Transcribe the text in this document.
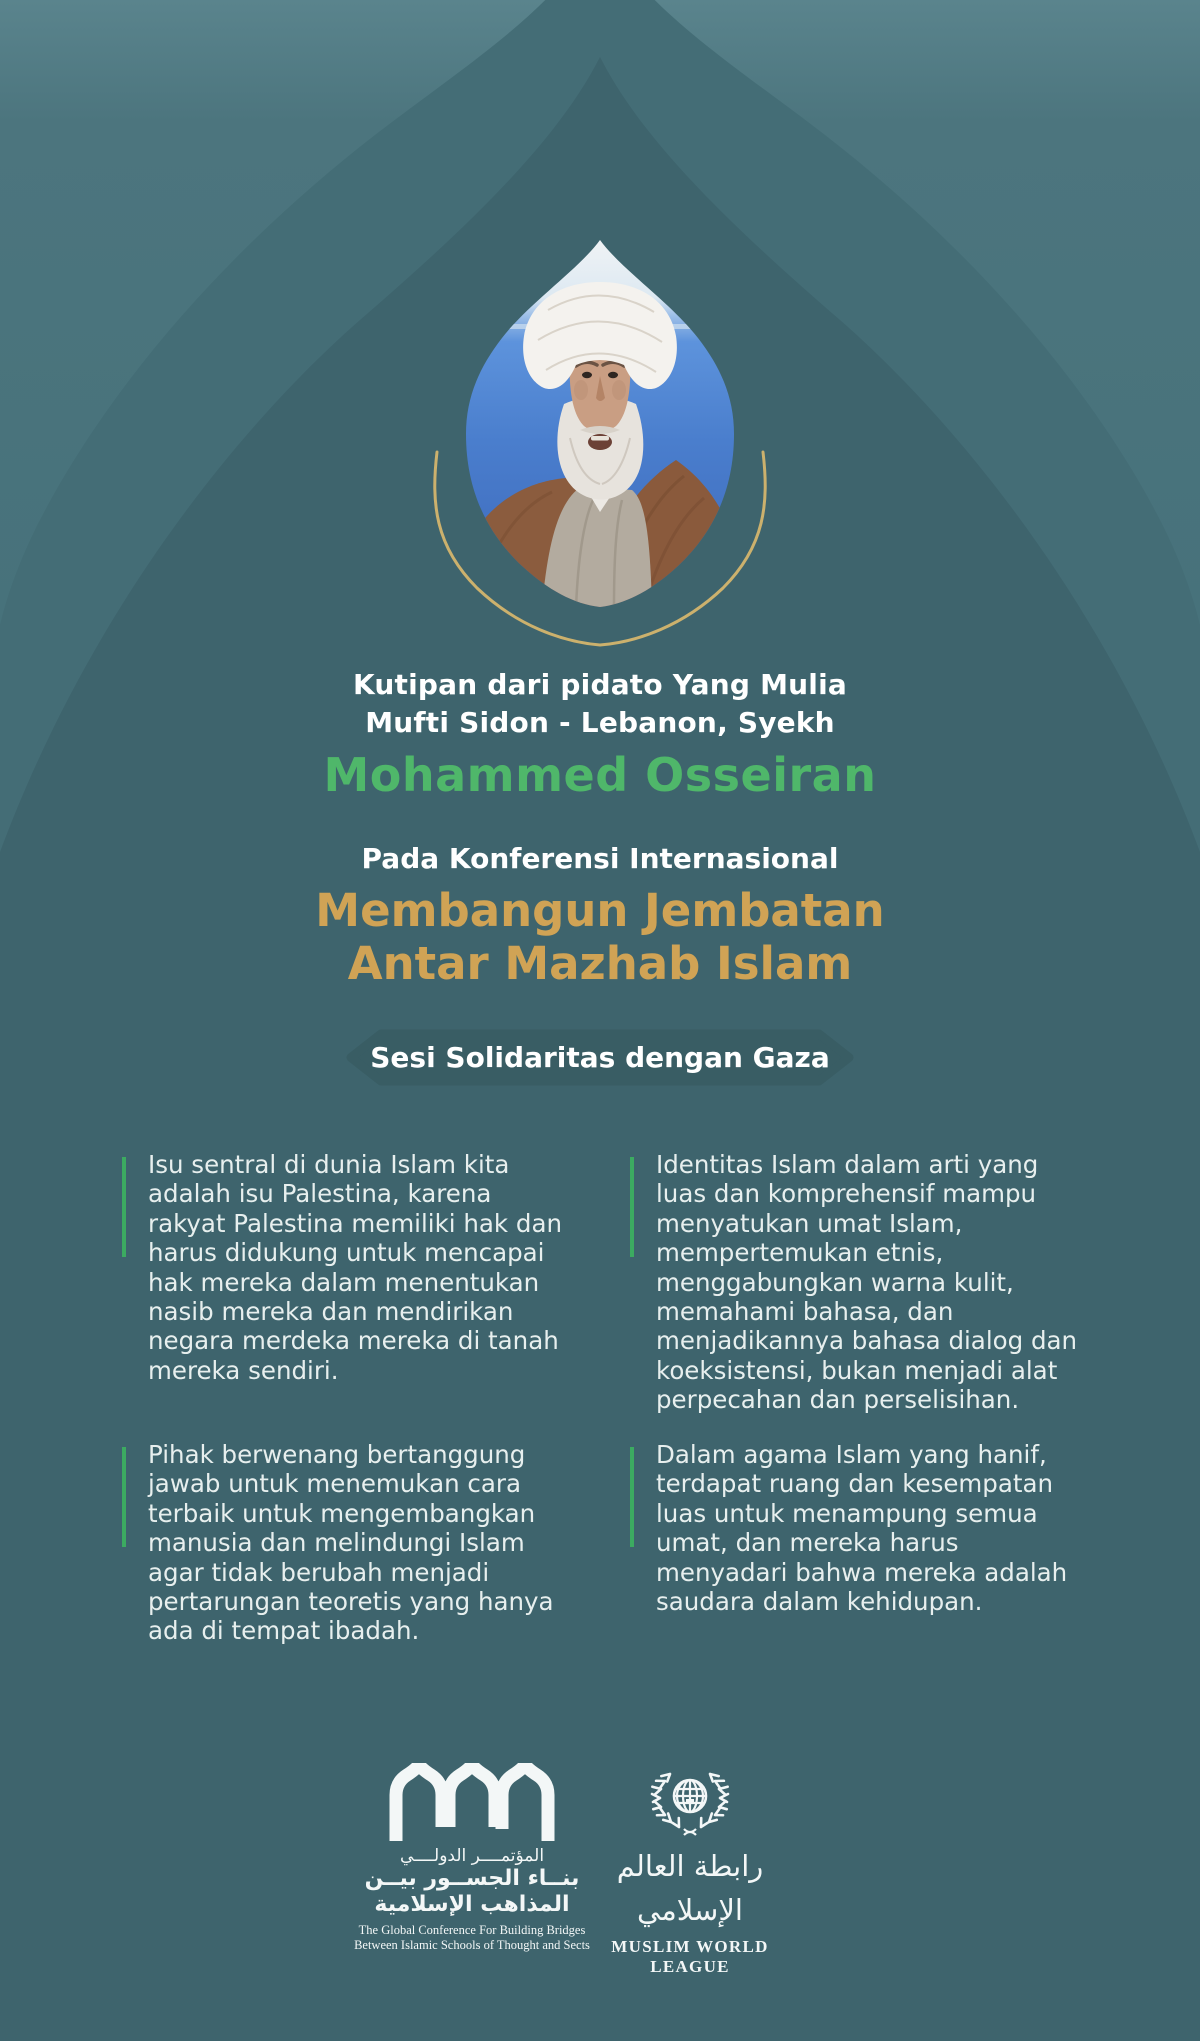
Kutipan dari pidato Yang Mulia
Mufti Sidon - Lebanon, Syekh
Mohammed Osseiran
Pada Konferensi Internasional
Membangun Jembatan
Antar Mazhab Islam
Sesi Solidaritas dengan Gaza

Isu sentral di dunia Islam kita adalah isu Palestina, karena rakyat Palestina memiliki hak dan harus didukung untuk mencapai hak mereka dalam menentukan nasib mereka dan mendirikan negara merdeka mereka di tanah mereka sendiri.

Identitas Islam dalam arti yang luas dan komprehensif mampu menyatukan umat Islam, mempertemukan etnis, menggabungkan warna kulit, memahami bahasa, dan menjadikannya bahasa dialog dan koeksistensi, bukan menjadi alat perpecahan dan perselisihan.

Pihak berwenang bertanggung jawab untuk menemukan cara terbaik untuk mengembangkan manusia dan melindungi Islam agar tidak berubah menjadi pertarungan teoretis yang hanya ada di tempat ibadah.

Dalam agama Islam yang hanif, terdapat ruang dan kesempatan luas untuk menampung semua umat, dan mereka harus menyadari bahwa mereka adalah saudara dalam kehidupan.

المؤتمــــر الدولــــي
بنــاء الجســور بيــن
المذاهب الإسلامية
The Global Conference For Building Bridges
Between Islamic Schools of Thought and Sects
رابطة العالم الإسلامي
MUSLIM WORLD LEAGUE
